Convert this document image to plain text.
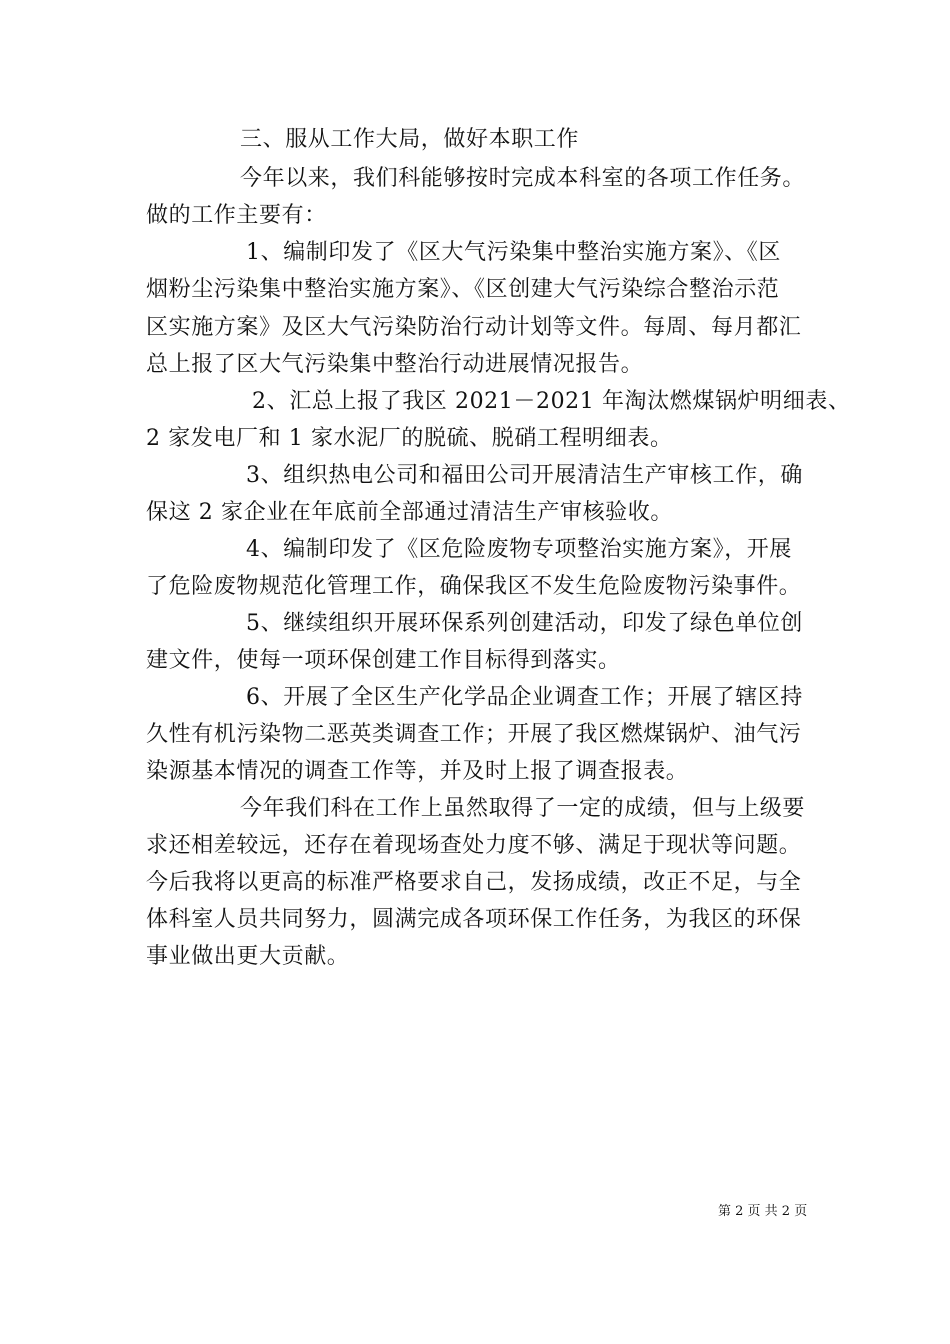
三、服从工作大局，做好本职工作
今年以来，我们科能够按时完成本科室的各项工作任务。
做的工作主要有：
1、编制印发了《区大气污染集中整治实施方案》、《区
烟粉尘污染集中整治实施方案》、《区创建大气污染综合整治示范
区实施方案》及区大气污染防治行动计划等文件。每周、每月都汇
总上报了区大气污染集中整治行动进展情况报告。
2、汇总上报了我区 2021－2021 年淘汰燃煤锅炉明细表、
2 家发电厂和 1 家水泥厂的脱硫、脱硝工程明细表。
3、组织热电公司和福田公司开展清洁生产审核工作，确
保这 2 家企业在年底前全部通过清洁生产审核验收。
4、编制印发了《区危险废物专项整治实施方案》，开展
了危险废物规范化管理工作，确保我区不发生危险废物污染事件。
5、继续组织开展环保系列创建活动，印发了绿色单位创
建文件，使每一项环保创建工作目标得到落实。
6、开展了全区生产化学品企业调查工作；开展了辖区持
久性有机污染物二恶英类调查工作；开展了我区燃煤锅炉、油气污
染源基本情况的调查工作等，并及时上报了调查报表。
今年我们科在工作上虽然取得了一定的成绩，但与上级要
求还相差较远，还存在着现场查处力度不够、满足于现状等问题。
今后我将以更高的标准严格要求自己，发扬成绩，改正不足，与全
体科室人员共同努力，圆满完成各项环保工作任务，为我区的环保
事业做出更大贡献。
第 2 页 共 2 页
